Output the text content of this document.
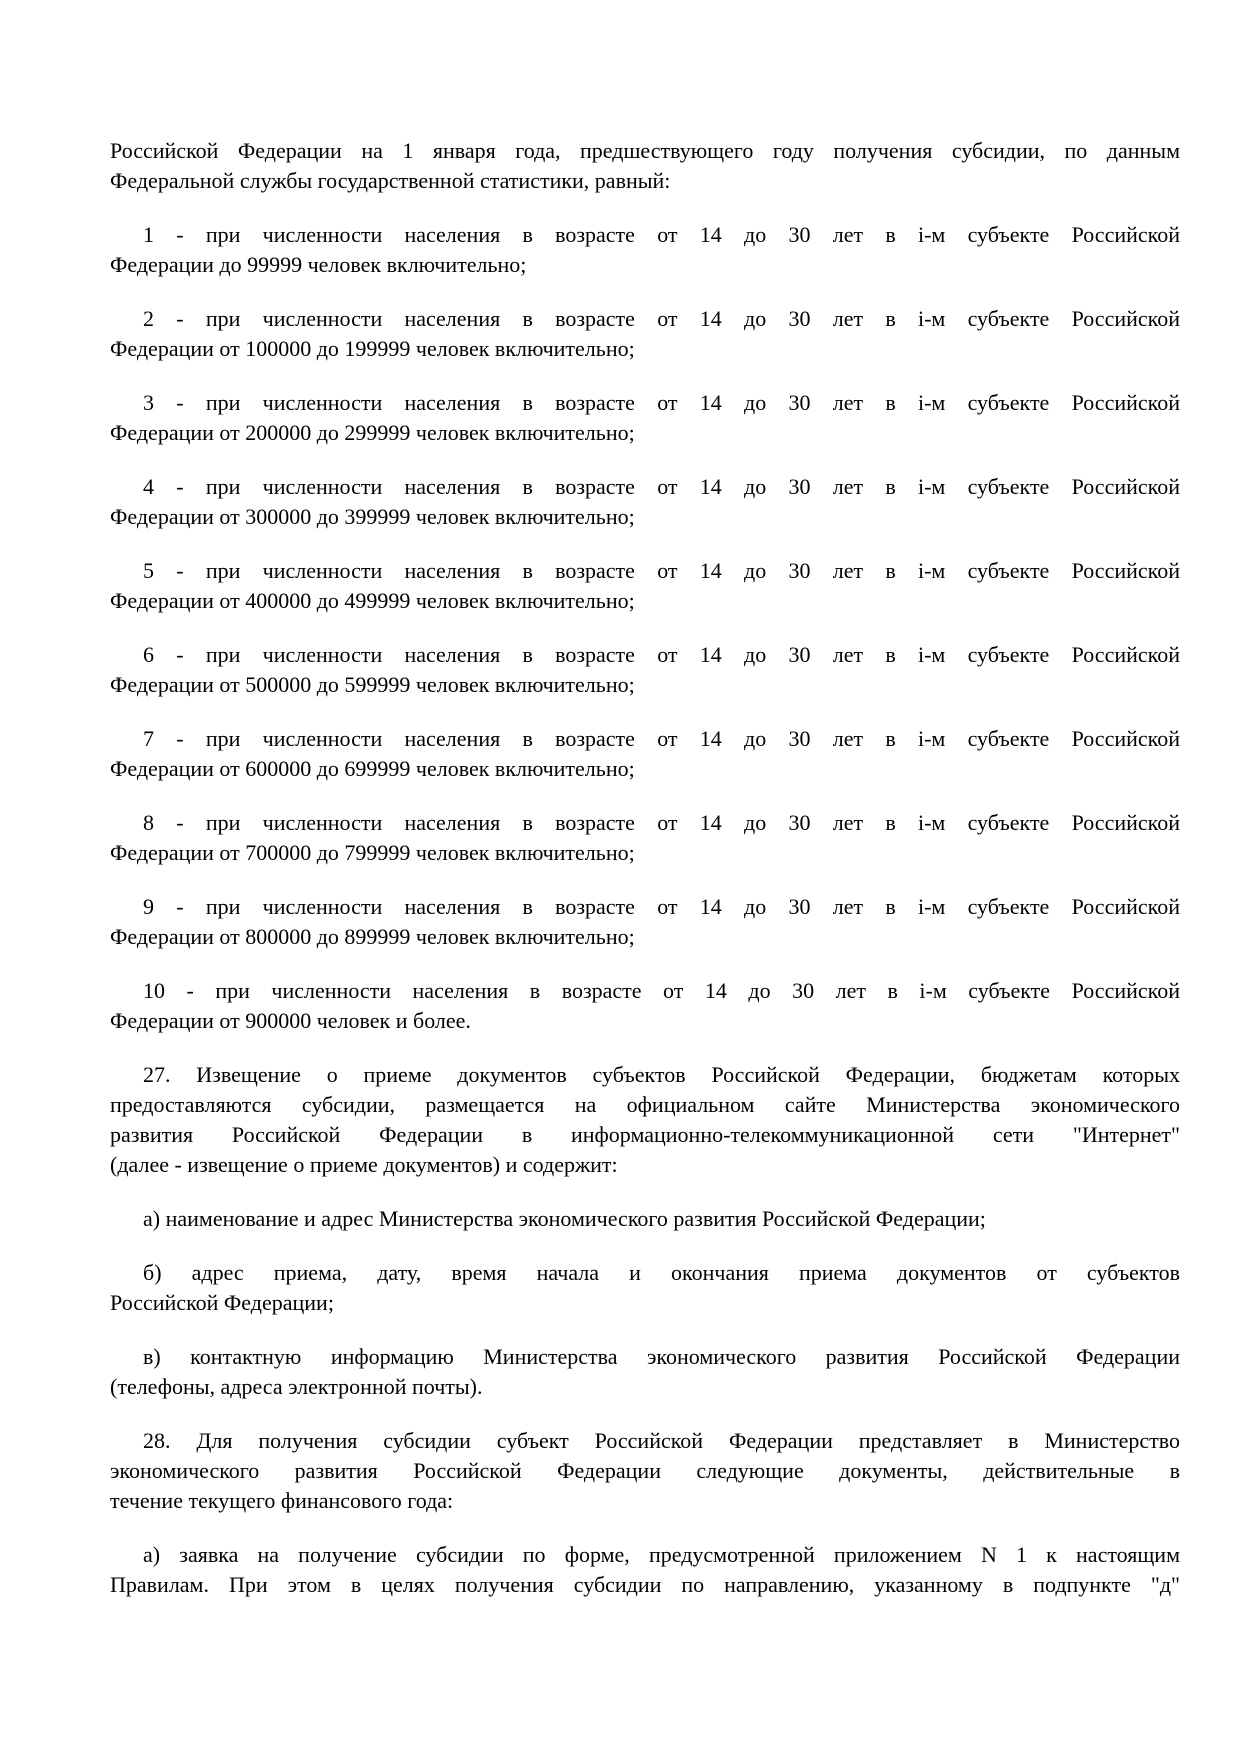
Российской Федерации на 1 января года, предшествующего году получения субсидии, по данным
Федеральной службы государственной статистики, равный:

1 - при численности населения в возрасте от 14 до 30 лет в i-м субъекте Российской
Федерации до 99999 человек включительно;

2 - при численности населения в возрасте от 14 до 30 лет в i-м субъекте Российской
Федерации от 100000 до 199999 человек включительно;

3 - при численности населения в возрасте от 14 до 30 лет в i-м субъекте Российской
Федерации от 200000 до 299999 человек включительно;

4 - при численности населения в возрасте от 14 до 30 лет в i-м субъекте Российской
Федерации от 300000 до 399999 человек включительно;

5 - при численности населения в возрасте от 14 до 30 лет в i-м субъекте Российской
Федерации от 400000 до 499999 человек включительно;

6 - при численности населения в возрасте от 14 до 30 лет в i-м субъекте Российской
Федерации от 500000 до 599999 человек включительно;

7 - при численности населения в возрасте от 14 до 30 лет в i-м субъекте Российской
Федерации от 600000 до 699999 человек включительно;

8 - при численности населения в возрасте от 14 до 30 лет в i-м субъекте Российской
Федерации от 700000 до 799999 человек включительно;

9 - при численности населения в возрасте от 14 до 30 лет в i-м субъекте Российской
Федерации от 800000 до 899999 человек включительно;

10 - при численности населения в возрасте от 14 до 30 лет в i-м субъекте Российской
Федерации от 900000 человек и более.

27. Извещение о приеме документов субъектов Российской Федерации, бюджетам которых
предоставляются субсидии, размещается на официальном сайте Министерства экономического
развития Российской Федерации в информационно-телекоммуникационной сети "Интернет"
(далее - извещение о приеме документов) и содержит:

а) наименование и адрес Министерства экономического развития Российской Федерации;

б) адрес приема, дату, время начала и окончания приема документов от субъектов
Российской Федерации;

в) контактную информацию Министерства экономического развития Российской Федерации
(телефоны, адреса электронной почты).

28. Для получения субсидии субъект Российской Федерации представляет в Министерство
экономического развития Российской Федерации следующие документы, действительные в
течение текущего финансового года:

а) заявка на получение субсидии по форме, предусмотренной приложением N 1 к настоящим
Правилам. При этом в целях получения субсидии по направлению, указанному в подпункте "д"
